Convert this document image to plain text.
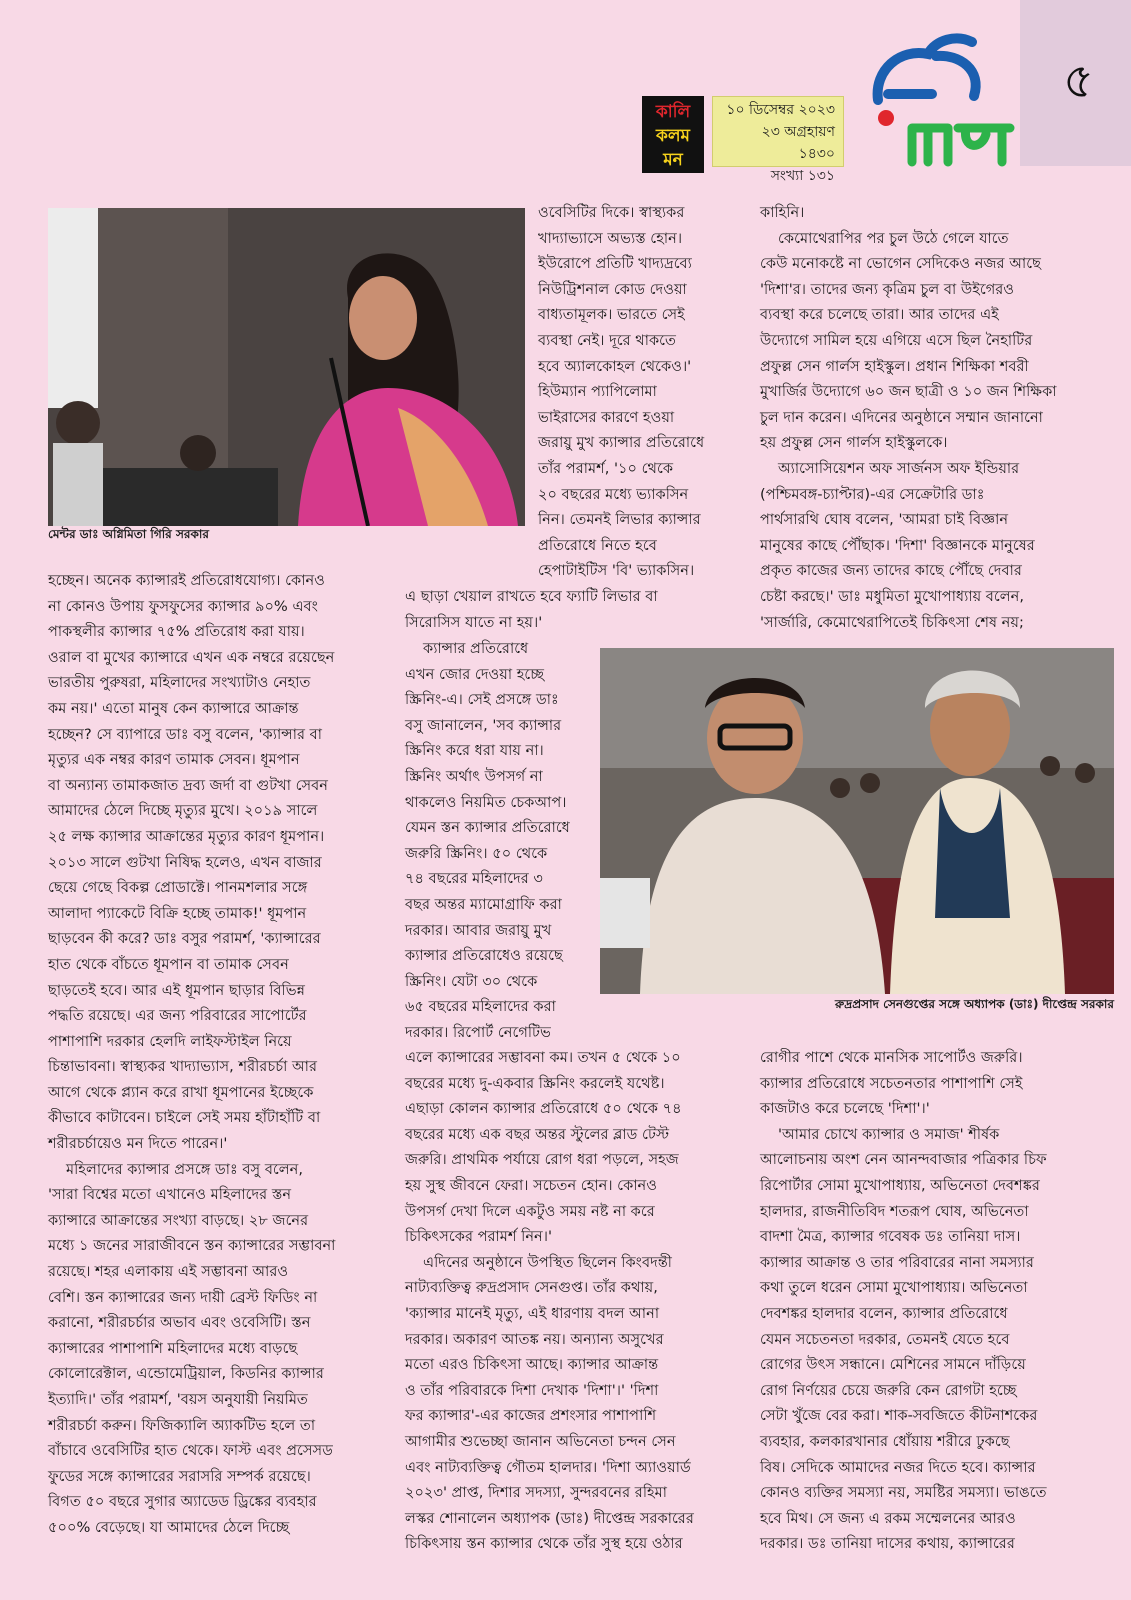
৫
কালি
কলম
মন
১০ ডিসেম্বর ২০২৩
২৩ অগ্রহায়ণ ১৪৩০
সংখ্যা ১৩১
রবি বার
মেন্টর ডাঃ অগ্নিমিতা গিরি সরকার
রুদ্রপ্রসাদ সেনগুপ্তের সঙ্গে অধ্যাপক (ডাঃ) দীপ্তেন্দ্র সরকার

ওবেসিটির দিকে। স্বাস্থ্যকর

খাদ্যাভ্যাসে অভ্যস্ত হোন।

ইউরোপে প্রতিটি খাদ্যদ্রব্যে

নিউট্রিশনাল কোড দেওয়া

বাধ্যতামূলক। ভারতে সেই

ব্যবস্থা নেই। দূরে থাকতে

হবে অ্যালকোহল থেকেও।'

হিউম্যান প্যাপিলোমা

ভাইরাসের কারণে হওয়া

জরায়ু মুখ ক্যান্সার প্রতিরোধে

তাঁর পরামর্শ, '১০ থেকে

২০ বছরের মধ্যে ভ্যাকসিন

নিন। তেমনই লিভার ক্যান্সার

প্রতিরোধে নিতে হবে

হেপাটাইটিস 'বি' ভ্যাকসিন।

এ ছাড়া খেয়াল রাখতে হবে ফ্যাটি লিভার বা

সিরোসিস যাতে না হয়।'

ক্যান্সার প্রতিরোধে

এখন জোর দেওয়া হচ্ছে

স্ক্রিনিং-এ। সেই প্রসঙ্গে ডাঃ

বসু জানালেন, 'সব ক্যান্সার

স্ক্রিনিং করে ধরা যায় না।

স্ক্রিনিং অর্থাৎ উপসর্গ না

থাকলেও নিয়মিত চেকআপ।

যেমন স্তন ক্যান্সার প্রতিরোধে

জরুরি স্ক্রিনিং। ৫০ থেকে

৭৪ বছরের মহিলাদের ৩

বছর অন্তর ম্যামোগ্রাফি করা

দরকার। আবার জরায়ু মুখ

ক্যান্সার প্রতিরোধেও রয়েছে

স্ক্রিনিং। যেটা ৩০ থেকে

৬৫ বছরের মহিলাদের করা

দরকার। রিপোর্ট নেগেটিভ

এলে ক্যান্সারের সম্ভাবনা কম। তখন ৫ থেকে ১০

বছরের মধ্যে দু-একবার স্ক্রিনিং করলেই যথেষ্ট।

এছাড়া কোলন ক্যান্সার প্রতিরোধে ৫০ থেকে ৭৪

বছরের মধ্যে এক বছর অন্তর স্টুলের ব্লাড টেস্ট

জরুরি। প্রাথমিক পর্যায়ে রোগ ধরা পড়লে, সহজ

হয় সুস্থ জীবনে ফেরা। সচেতন হোন। কোনও

উপসর্গ দেখা দিলে একটুও সময় নষ্ট না করে

চিকিৎসকের পরামর্শ নিন।'

এদিনের অনুষ্ঠানে উপস্থিত ছিলেন কিংবদন্তী

নাট্যব্যক্তিত্ব রুদ্রপ্রসাদ সেনগুপ্ত। তাঁর কথায়,

'ক্যান্সার মানেই মৃত্যু, এই ধারণায় বদল আনা

দরকার। অকারণ আতঙ্ক নয়। অন্যান্য অসুখের

মতো এরও চিকিৎসা আছে। ক্যান্সার আক্রান্ত

ও তাঁর পরিবারকে দিশা দেখাক 'দিশা'।' 'দিশা

ফর ক্যান্সার'-এর কাজের প্রশংসার পাশাপাশি

আগামীর শুভেচ্ছা জানান অভিনেতা চন্দন সেন

এবং নাট্যব্যক্তিত্ব গৌতম হালদার। 'দিশা অ্যাওয়ার্ড

২০২৩' প্রাপ্ত, দিশার সদস্যা, সুন্দরবনের রহিমা

লস্কর শোনালেন অধ্যাপক (ডাঃ) দীপ্তেন্দ্র সরকারের

চিকিৎসায় স্তন ক্যান্সার থেকে তাঁর সুস্থ হয়ে ওঠার

হচ্ছেন। অনেক ক্যান্সারই প্রতিরোধযোগ্য। কোনও

না কোনও উপায় ফুসফুসের ক্যান্সার ৯০% এবং

পাকস্থলীর ক্যান্সার ৭৫% প্রতিরোধ করা যায়।

ওরাল বা মুখের ক্যান্সারে এখন এক নম্বরে রয়েছেন

ভারতীয় পুরুষরা, মহিলাদের সংখ্যাটাও নেহাত

কম নয়।' এতো মানুষ কেন ক্যান্সারে আক্রান্ত

হচ্ছেন? সে ব্যাপারে ডাঃ বসু বলেন, 'ক্যান্সার বা

মৃত্যুর এক নম্বর কারণ তামাক সেবন। ধূমপান

বা অন্যান্য তামাকজাত দ্রব্য জর্দা বা গুটখা সেবন

আমাদের ঠেলে দিচ্ছে মৃত্যুর মুখে। ২০১৯ সালে

২৫ লক্ষ ক্যান্সার আক্রান্তের মৃত্যুর কারণ ধূমপান।

২০১৩ সালে গুটখা নিষিদ্ধ হলেও, এখন বাজার

ছেয়ে গেছে বিকল্প প্রোডাক্টে। পানমশলার সঙ্গে

আলাদা প্যাকেটে বিক্রি হচ্ছে তামাক!' ধূমপান

ছাড়বেন কী করে? ডাঃ বসুর পরামর্শ, 'ক্যান্সারের

হাত থেকে বাঁচতে ধূমপান বা তামাক সেবন

ছাড়তেই হবে। আর এই ধূমপান ছাড়ার বিভিন্ন

পদ্ধতি রয়েছে। এর জন্য পরিবারের সাপোর্টের

পাশাপাশি দরকার হেলদি লাইফস্টাইল নিয়ে

চিন্তাভাবনা। স্বাস্থ্যকর খাদ্যাভ্যাস, শরীরচর্চা আর

আগে থেকে প্ল্যান করে রাখা ধূমপানের ইচ্ছেকে

কীভাবে কাটাবেন। চাইলে সেই সময় হাঁটাহাঁটি বা

শরীরচর্চায়েও মন দিতে পারেন।'

মহিলাদের ক্যান্সার প্রসঙ্গে ডাঃ বসু বলেন,

'সারা বিশ্বের মতো এখানেও মহিলাদের স্তন

ক্যান্সারে আক্রান্তের সংখ্যা বাড়ছে। ২৮ জনের

মধ্যে ১ জনের সারাজীবনে স্তন ক্যান্সারের সম্ভাবনা

রয়েছে। শহর এলাকায় এই সম্ভাবনা আরও

বেশি। স্তন ক্যান্সারের জন্য দায়ী ব্রেস্ট ফিডিং না

করানো, শরীরচর্চার অভাব এবং ওবেসিটি। স্তন

ক্যান্সারের পাশাপাশি মহিলাদের মধ্যে বাড়ছে

কোলোরেক্টাল, এন্ডোমেট্রিয়াল, কিডনির ক্যান্সার

ইত্যাদি।' তাঁর পরামর্শ, 'বয়স অনুযায়ী নিয়মিত

শরীরচর্চা করুন। ফিজিক্যালি অ্যাকটিভ হলে তা

বাঁচাবে ওবেসিটির হাত থেকে। ফাস্ট এবং প্রসেসড

ফুডের সঙ্গে ক্যান্সারের সরাসরি সম্পর্ক রয়েছে।

বিগত ৫০ বছরে সুগার অ্যাডেড ড্রিঙ্কের ব্যবহার

৫০০% বেড়েছে। যা আমাদের ঠেলে দিচ্ছে

কাহিনি।

কেমোথেরাপির পর চুল উঠে গেলে যাতে

কেউ মনোকষ্টে না ভোগেন সেদিকেও নজর আছে

'দিশা'র। তাদের জন্য কৃত্রিম চুল বা উইগেরও

ব্যবস্থা করে চলেছে তারা। আর তাদের এই

উদ্যোগে সামিল হয়ে এগিয়ে এসে ছিল নৈহাটির

প্রফুল্ল সেন গার্লস হাইস্কুল। প্রধান শিক্ষিকা শবরী

মুখার্জির উদ্যোগে ৬০ জন ছাত্রী ও ১০ জন শিক্ষিকা

চুল দান করেন। এদিনের অনুষ্ঠানে সম্মান জানানো

হয় প্রফুল্ল সেন গার্লস হাইস্কুলকে।

অ্যাসোসিয়েশন অফ সার্জনস অফ ইন্ডিয়ার

(পশ্চিমবঙ্গ-চ্যাপ্টার)-এর সেক্রেটারি ডাঃ

পার্থসারথি ঘোষ বলেন, 'আমরা চাই বিজ্ঞান

মানুষের কাছে পৌঁছাক। 'দিশা' বিজ্ঞানকে মানুষের

প্রকৃত কাজের জন্য তাদের কাছে পৌঁছে দেবার

চেষ্টা করছে।' ডাঃ মধুমিতা মুখোপাধ্যায় বলেন,

'সার্জারি, কেমোথেরাপিতেই চিকিৎসা শেষ নয়;

রোগীর পাশে থেকে মানসিক সাপোর্টও জরুরি।

ক্যান্সার প্রতিরোধে সচেতনতার পাশাপাশি সেই

কাজটাও করে চলেছে 'দিশা'।'

'আমার চোখে ক্যান্সার ও সমাজ' শীর্ষক

আলোচনায় অংশ নেন আনন্দবাজার পত্রিকার চিফ

রিপোর্টার সোমা মুখোপাধ্যায়, অভিনেতা দেবশঙ্কর

হালদার, রাজনীতিবিদ শতরূপ ঘোষ, অভিনেতা

বাদশা মৈত্র, ক্যান্সার গবেষক ডঃ তানিয়া দাস।

ক্যান্সার আক্রান্ত ও তার পরিবারের নানা সমস্যার

কথা তুলে ধরেন সোমা মুখোপাধ্যায়। অভিনেতা

দেবশঙ্কর হালদার বলেন, ক্যান্সার প্রতিরোধে

যেমন সচেতনতা দরকার, তেমনই যেতে হবে

রোগের উৎস সন্ধানে। মেশিনের সামনে দাঁড়িয়ে

রোগ নির্ণয়ের চেয়ে জরুরি কেন রোগটা হচ্ছে

সেটা খুঁজে বের করা। শাক-সবজিতে কীটনাশকের

ব্যবহার, কলকারখানার ধোঁয়ায় শরীরে ঢুকছে

বিষ। সেদিকে আমাদের নজর দিতে হবে। ক্যান্সার

কোনও ব্যক্তির সমস্যা নয়, সমষ্টির সমস্যা। ভাঙতে

হবে মিথ। সে জন্য এ রকম সম্মেলনের আরও

দরকার। ডঃ তানিয়া দাসের কথায়, ক্যান্সারের
